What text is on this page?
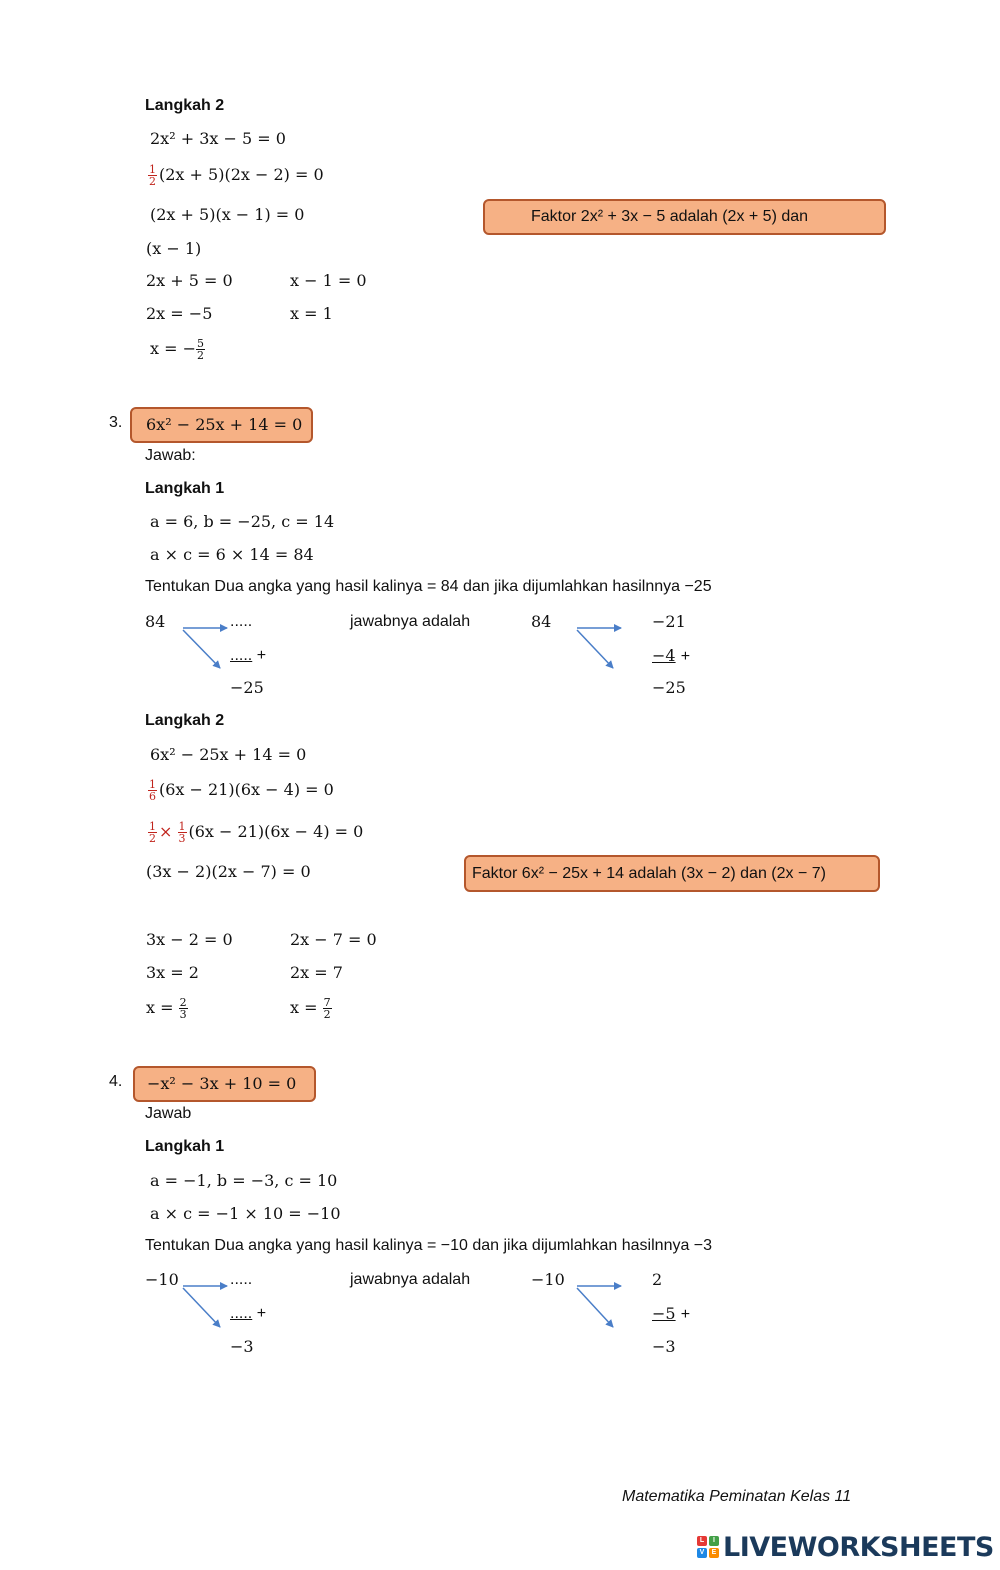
Langkah 2
2x² + 3x − 5 = 0
$\frac{1}{2} (2x + 5)(2x - 2) = 0$
(2x + 5)(x − 1) = 0	Faktor 2x² + 3x − 5 adalah (2x + 5) dan
(x − 1)
2x + 5 = 0	x − 1 = 0
2x = −5	x = 1
x = − $\frac{5}{2}$
3. 6x² − 25x + 14 = 0
Jawab:
Langkah 1
a = 6, b = −25, c = 14
a × c = 6 × 14 = 84
Tentukan Dua angka yang hasil kalinya = 84 dan jika dijumlahkan hasilnnya −25
84	.....
..... +
−25
jawabnya adalah	84	−21
−4 +
−25
Langkah 2
6x² − 25x + 14 = 0
$\frac{1}{6} (6x - 21)(6x - 4) = 0$
$\frac{1}{2} \times \frac{1}{3} (6x - 21)(6x - 4) = 0$
(3x − 2)(2x − 7) = 0	Faktor 6x² − 25x + 14 adalah (3x − 2) dan (2x − 7)
3x − 2 = 0	2x − 7 = 0
3x = 2	2x = 7
$x = \frac{2}{3}$	$x = \frac{7}{2}$
4. −x² − 3x + 10 = 0
Jawab
Langkah 1
a = −1, b = −3, c = 10
a × c = −1 × 10 = −10
Tentukan Dua angka yang hasil kalinya = −10 dan jika dijumlahkan hasilnnya −3
−10	.....
..... +
−3
jawabnya adalah	−10	2
−5 +
−3
Matematika Peminatan Kelas 11
L	I
V	E LIVEWORKSHEETS
